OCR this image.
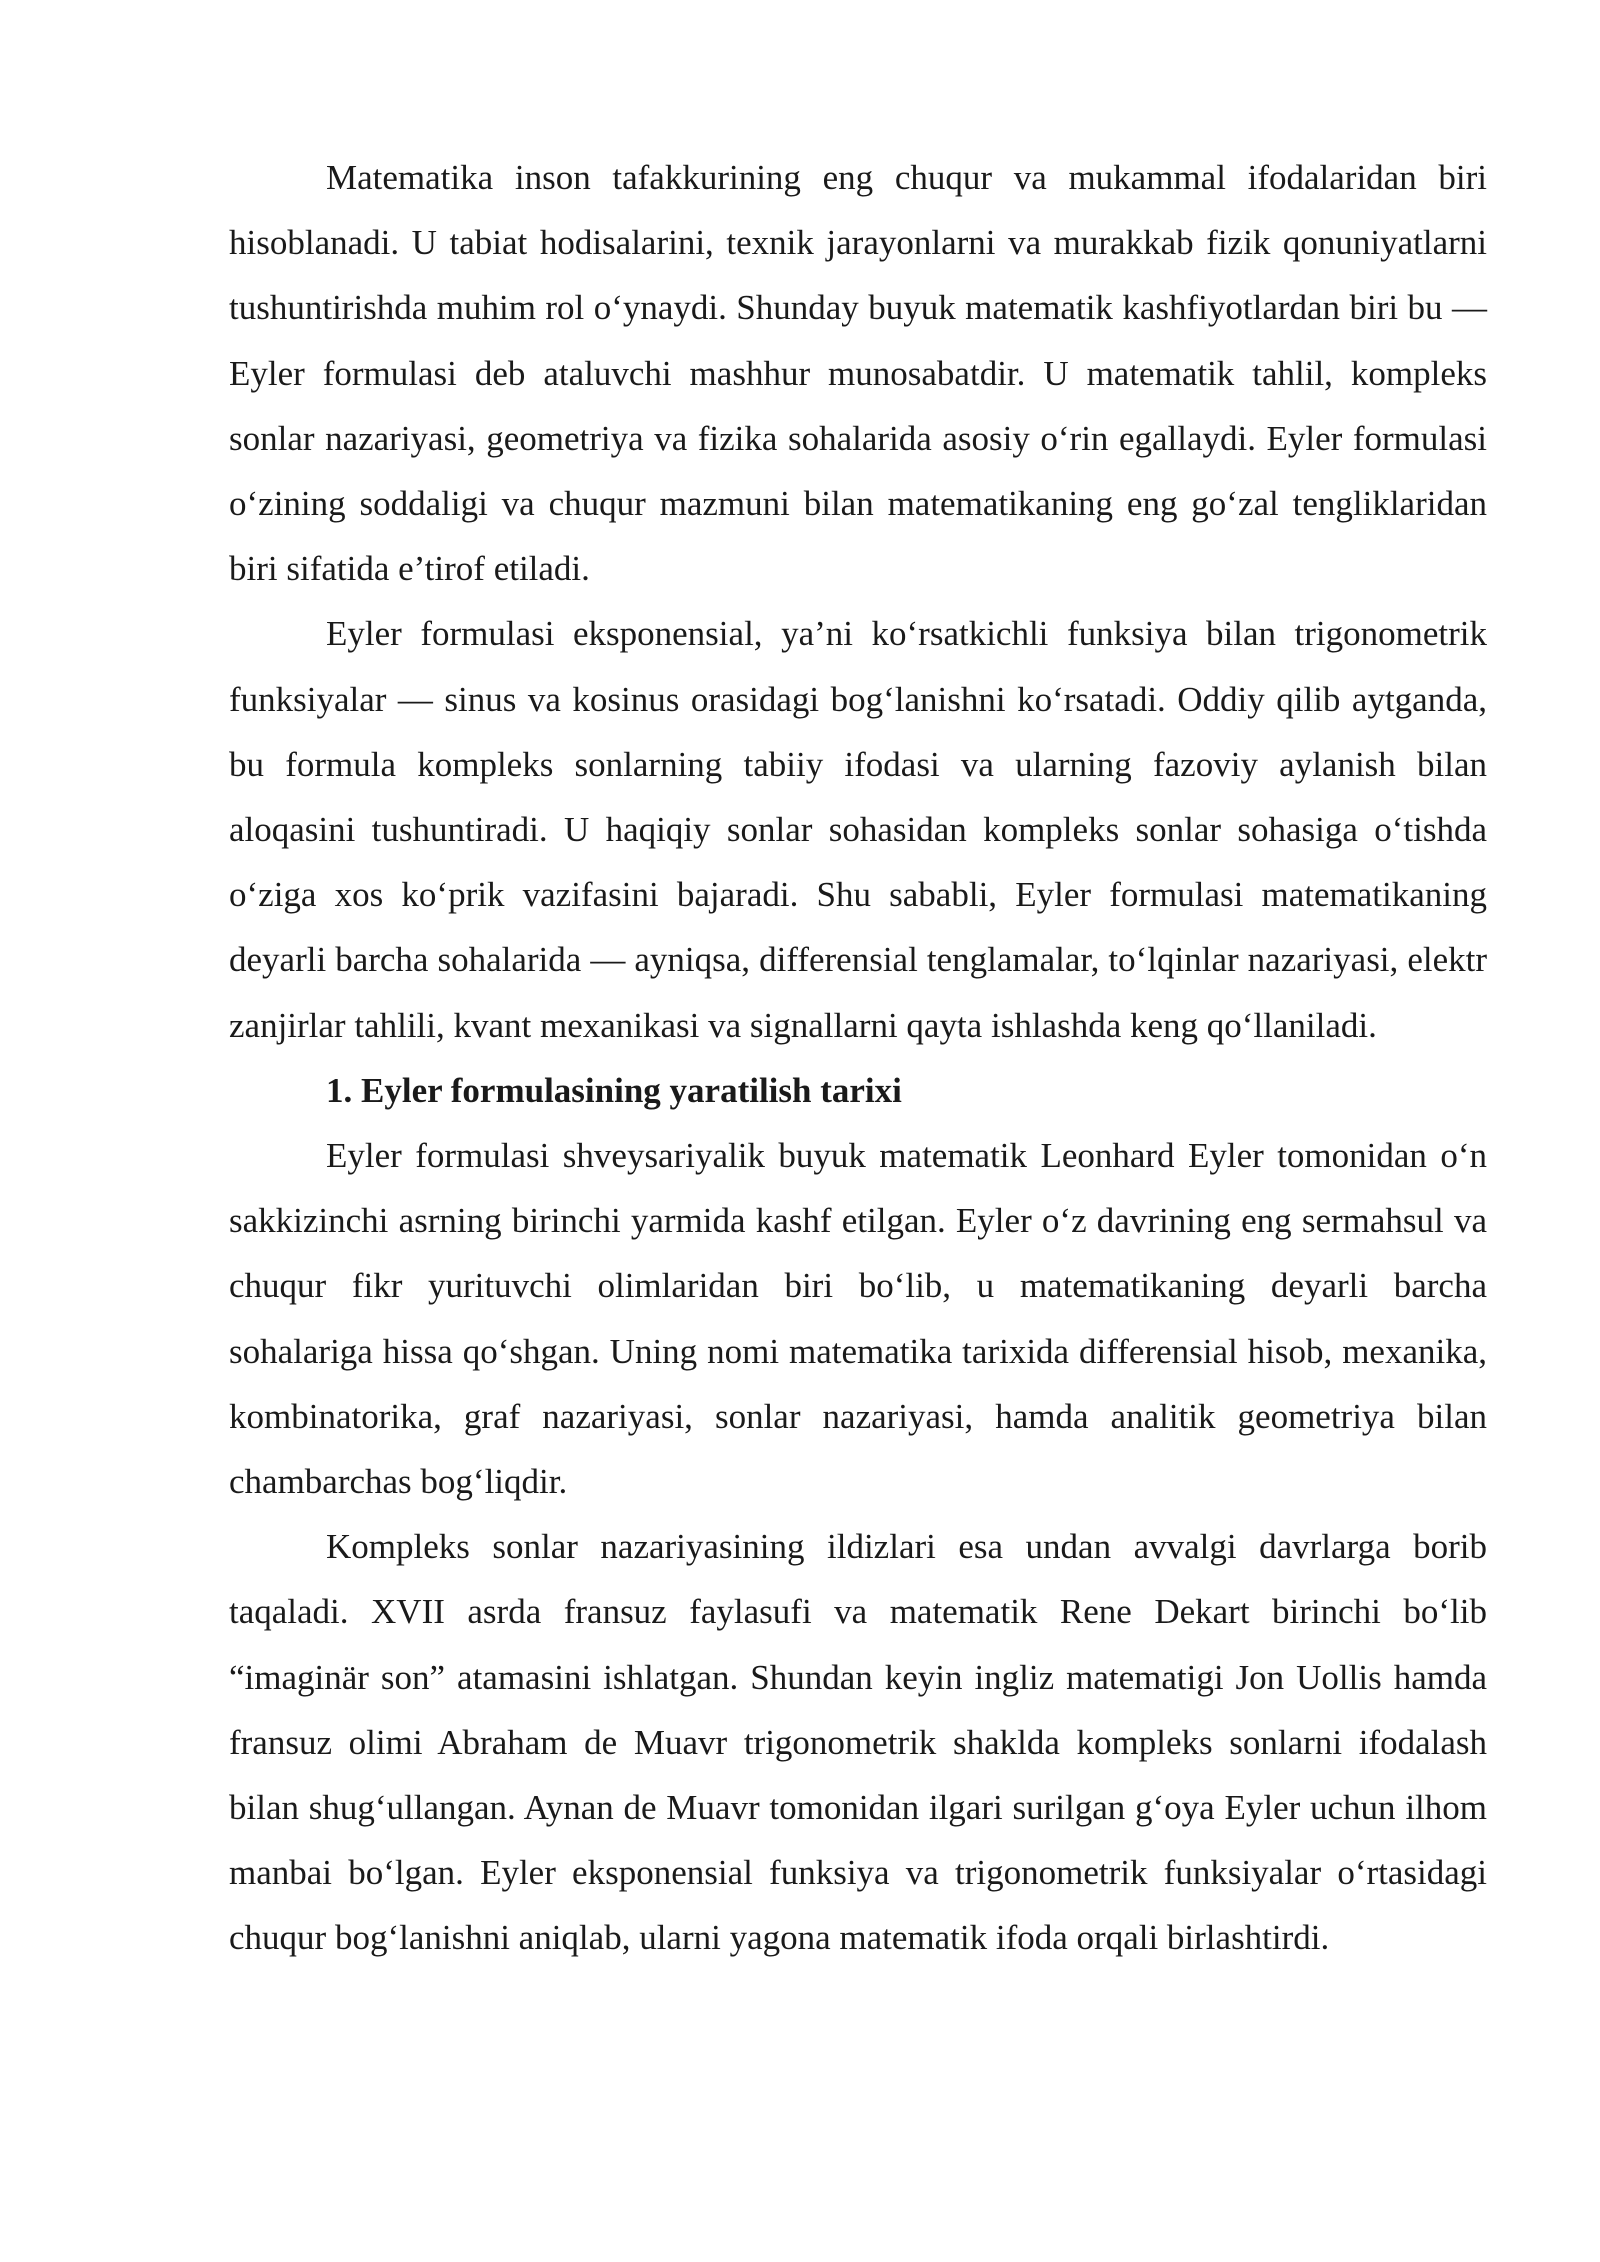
Matematika inson tafakkurining eng chuqur va mukammal ifodalaridan biri hisoblanadi. U tabiat hodisalarini, texnik jarayonlarni va murakkab fizik qonuniyatlarni tushuntirishda muhim rol o‘ynaydi. Shunday buyuk matematik kashfiyotlardan biri bu — Eyler formulasi deb ataluvchi mashhur munosabatdir. U matematik tahlil, kompleks sonlar nazariyasi, geometriya va fizika sohalarida asosiy o‘rin egallaydi. Eyler formulasi o‘zining soddaligi va chuqur mazmuni bilan matematikaning eng go‘zal tengliklaridan biri sifatida e’tirof etiladi.

Eyler formulasi eksponensial, ya’ni ko‘rsatkichli funksiya bilan trigonometrik funksiyalar — sinus va kosinus orasidagi bog‘lanishni ko‘rsatadi. Oddiy qilib aytganda, bu formula kompleks sonlarning tabiiy ifodasi va ularning fazoviy aylanish bilan aloqasini tushuntiradi. U haqiqiy sonlar sohasidan kompleks sonlar sohasiga o‘tishda o‘ziga xos ko‘prik vazifasini bajaradi. Shu sababli, Eyler formulasi matematikaning deyarli barcha sohalarida — ayniqsa, differensial tenglamalar, to‘lqinlar nazariyasi, elektr zanjirlar tahlili, kvant mexanikasi va signallarni qayta ishlashda keng qo‘llaniladi.

1. Eyler formulasining yaratilish tarixi

Eyler formulasi shveysariyalik buyuk matematik Leonhard Eyler tomonidan o‘n sakkizinchi asrning birinchi yarmida kashf etilgan. Eyler o‘z davrining eng sermahsul va chuqur fikr yurituvchi olimlaridan biri bo‘lib, u matematikaning deyarli barcha sohalariga hissa qo‘shgan. Uning nomi matematika tarixida differensial hisob, mexanika, kombinatorika, graf nazariyasi, sonlar nazariyasi, hamda analitik geometriya bilan chambarchas bog‘liqdir.

Kompleks sonlar nazariyasining ildizlari esa undan avvalgi davrlarga borib taqaladi. XVII asrda fransuz faylasufi va matematik Rene Dekart birinchi bo‘lib “imaginär son” atamasini ishlatgan. Shundan keyin ingliz matematigi Jon Uollis hamda fransuz olimi Abraham de Muavr trigonometrik shaklda kompleks sonlarni ifodalash bilan shug‘ullangan. Aynan de Muavr tomonidan ilgari surilgan g‘oya Eyler uchun ilhom manbai bo‘lgan. Eyler eksponensial funksiya va trigonometrik funksiyalar o‘rtasidagi chuqur bog‘lanishni aniqlab, ularni yagona matematik ifoda orqali birlashtirdi.
